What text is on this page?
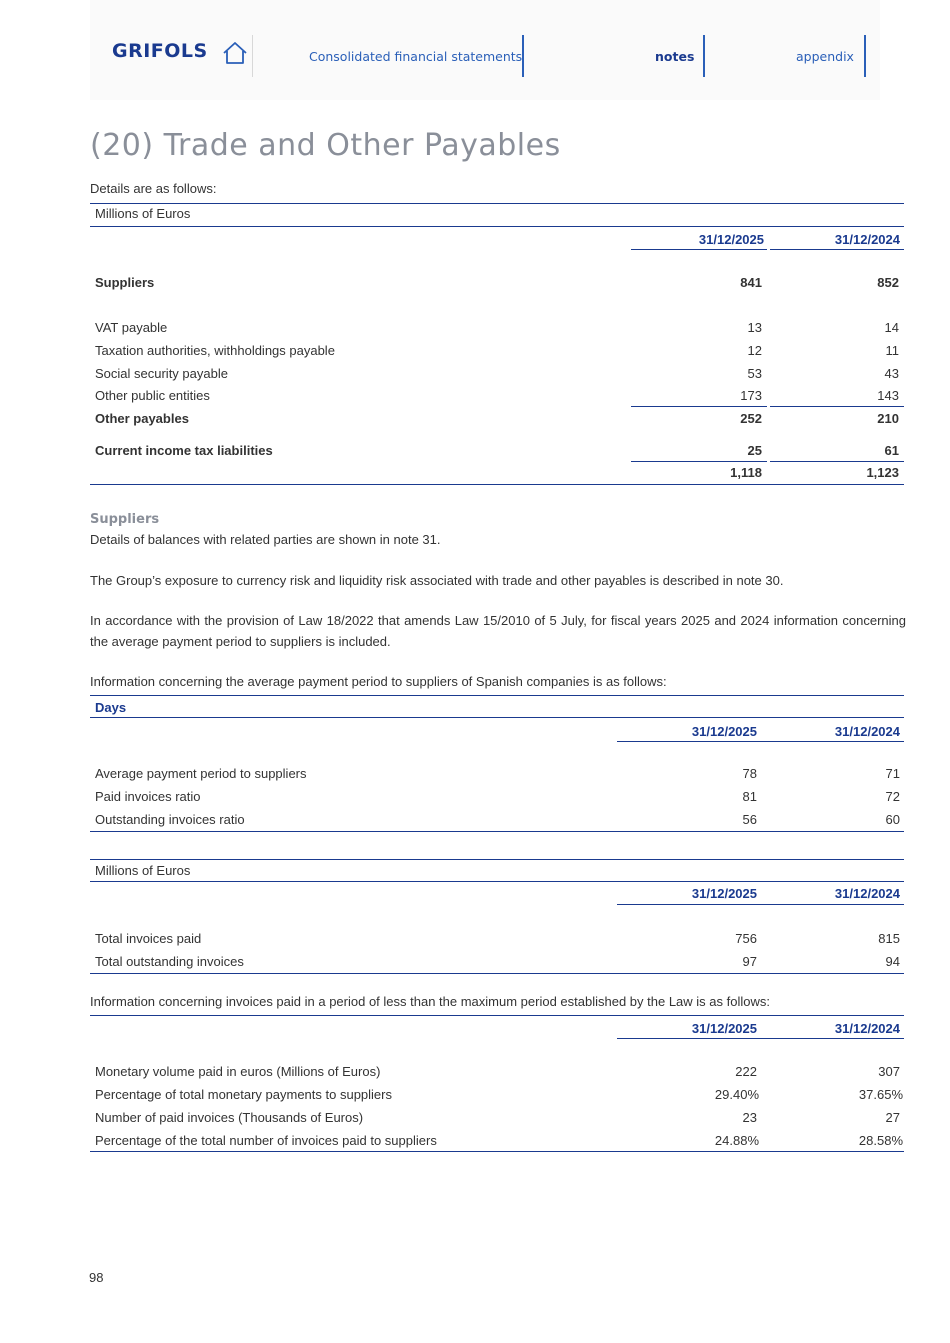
GRIFOLS	Consolidated financial statements	notes	appendix
(20) Trade and Other Payables
Details are as follows:
Millions of Euros
31/12/2025	31/12/2024
Suppliers	841	852
VAT payable	13	14
Taxation authorities, withholdings payable	12	11
Social security payable	53	43
Other public entities	173	143
Other payables	252	210
Current income tax liabilities	25	61
1,118	1,123
Suppliers
Details of balances with related parties are shown in note 31.
The Group’s exposure to currency risk and liquidity risk associated with trade and other payables is described in note 30.
In accordance with the provision of Law 18/2022 that amends Law 15/2010 of 5 July, for fiscal years 2025 and 2024 information concerning the average payment period to suppliers is included.
Information concerning the average payment period to suppliers of Spanish companies is as follows:
Days
31/12/2025	31/12/2024
Average payment period to suppliers	78	71
Paid invoices ratio	81	72
Outstanding invoices ratio	56	60
Millions of Euros
31/12/2025	31/12/2024
Total invoices paid	756	815
Total outstanding invoices	97	94
Information concerning invoices paid in a period of less than the maximum period established by the Law is as follows:
31/12/2025	31/12/2024
Monetary volume paid in euros (Millions of Euros)	222	307
Percentage of total monetary payments to suppliers	29.40%	37.65%
Number of paid invoices (Thousands of Euros)	23	27
Percentage of the total number of invoices paid to suppliers	24.88%	28.58%
98
